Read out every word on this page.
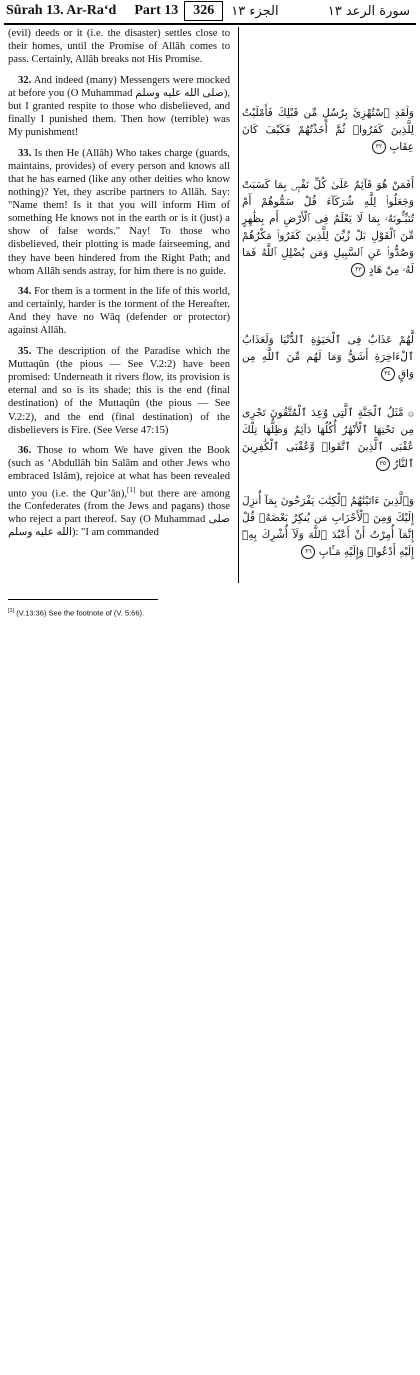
Sûrah 13. Ar-Ra‘d Part 13	326	الجزء ١٣	سورة الرعد ١٣

(evil) deeds or it (i.e. the disaster) settles close to their homes, until the Promise of Allâh comes to pass. Certainly, Allâh breaks not His Promise.

32. And indeed (many) Messengers were mocked at before you (O Muhammad صلى الله عليه وسلم), but I granted respite to those who disbelieved, and finally I punished them. Then how (terrible) was My punishment!

33. Is then He (Allâh) Who takes charge (guards, maintains, provides) of every person and knows all that he has earned (like any other deities who know nothing)? Yet, they ascribe partners to Allâh. Say: "Name them! Is it that you will inform Him of something He knows not in the earth or is it (just) a show of false words." Nay! To those who disbelieved, their plotting is made fairseeming, and they have been hindered from the Right Path; and whom Allâh sends astray, for him there is no guide.

34. For them is a torment in the life of this world, and certainly, harder is the torment of the Hereafter. And they have no Wâq (defender or protector) against Allâh.

35. The description of the Paradise which the Muttaqûn (the pious — See V.2:2) have been promised: Underneath it rivers flow, its provision is eternal and so is its shade; this is the end (final destination) of the Muttaqûn (the pious — See V.2:2), and the end (final destination) of the disbelievers is Fire. (See Verse 47:15)

36. Those to whom We have given the Book (such as ‘Abdullâh bin Salâm and other Jews who embraced Islâm), rejoice at what has been revealed unto you (i.e. the Qur’ân),[1] but there are among the Confederates (from the Jews and pagans) those who reject a part thereof. Say (O Muhammad صلى الله عليه وسلم): "I am commanded

وَلَقَدِ ٱسْتُهْزِئَ بِرُسُلٍ مِّن قَبْلِكَ فَأَمْلَيْتُ لِلَّذِينَ كَفَرُوا۟ ثُمَّ أَخَذْتُهُمْ فَكَيْفَ كَانَ عِقَابِ ٣٢
أَفَمَنْ هُوَ قَآئِمٌ عَلَىٰ كُلِّ نَفْسٍۭ بِمَا كَسَبَتْ وَجَعَلُوا۟ لِلَّهِ شُرَكَآءَ قُلْ سَمُّوهُمْ أَمْ تُنَبِّـُٔونَهُۥ بِمَا لَا يَعْلَمُ فِى ٱلْأَرْضِ أَم بِظَٰهِرٍ مِّنَ ٱلْقَوْلِ بَلْ زُيِّنَ لِلَّذِينَ كَفَرُوا۟ مَكْرُهُمْ وَصُدُّوا۟ عَنِ ٱلسَّبِيلِ وَمَن يُضْلِلِ ٱللَّهُ فَمَا لَهُۥ مِنْ هَادٍ ٣٣
لَّهُمْ عَذَابٌ فِى ٱلْحَيَوٰةِ ٱلدُّنْيَا وَلَعَذَابُ ٱلْءَاخِرَةِ أَشَقُّ وَمَا لَهُم مِّنَ ٱللَّهِ مِن وَاقٍ ٣٤
۞ مَّثَلُ ٱلْجَنَّةِ ٱلَّتِى وُعِدَ ٱلْمُتَّقُونَ تَجْرِى مِن تَحْتِهَا ٱلْأَنْهَٰرُ أُكُلُهَا دَآئِمٌ وَظِلُّهَا تِلْكَ عُقْبَى ٱلَّذِينَ ٱتَّقَوا۟ وَّعُقْبَى ٱلْكَٰفِرِينَ ٱلنَّارُ ٣٥
وَٱلَّذِينَ ءَاتَيْنَٰهُمُ ٱلْكِتَٰبَ يَفْرَحُونَ بِمَآ أُنزِلَ إِلَيْكَ وَمِنَ ٱلْأَحْزَابِ مَن يُنكِرُ بَعْضَهُۥ قُلْ إِنَّمَآ أُمِرْتُ أَنْ أَعْبُدَ ٱللَّهَ وَلَآ أُشْرِكَ بِهِۦٓ إِلَيْهِ أَدْعُوا۟ وَإِلَيْهِ مَـَٔابِ ٣٦
[1] (V.13:36) See the footnote of (V. 5:66).
